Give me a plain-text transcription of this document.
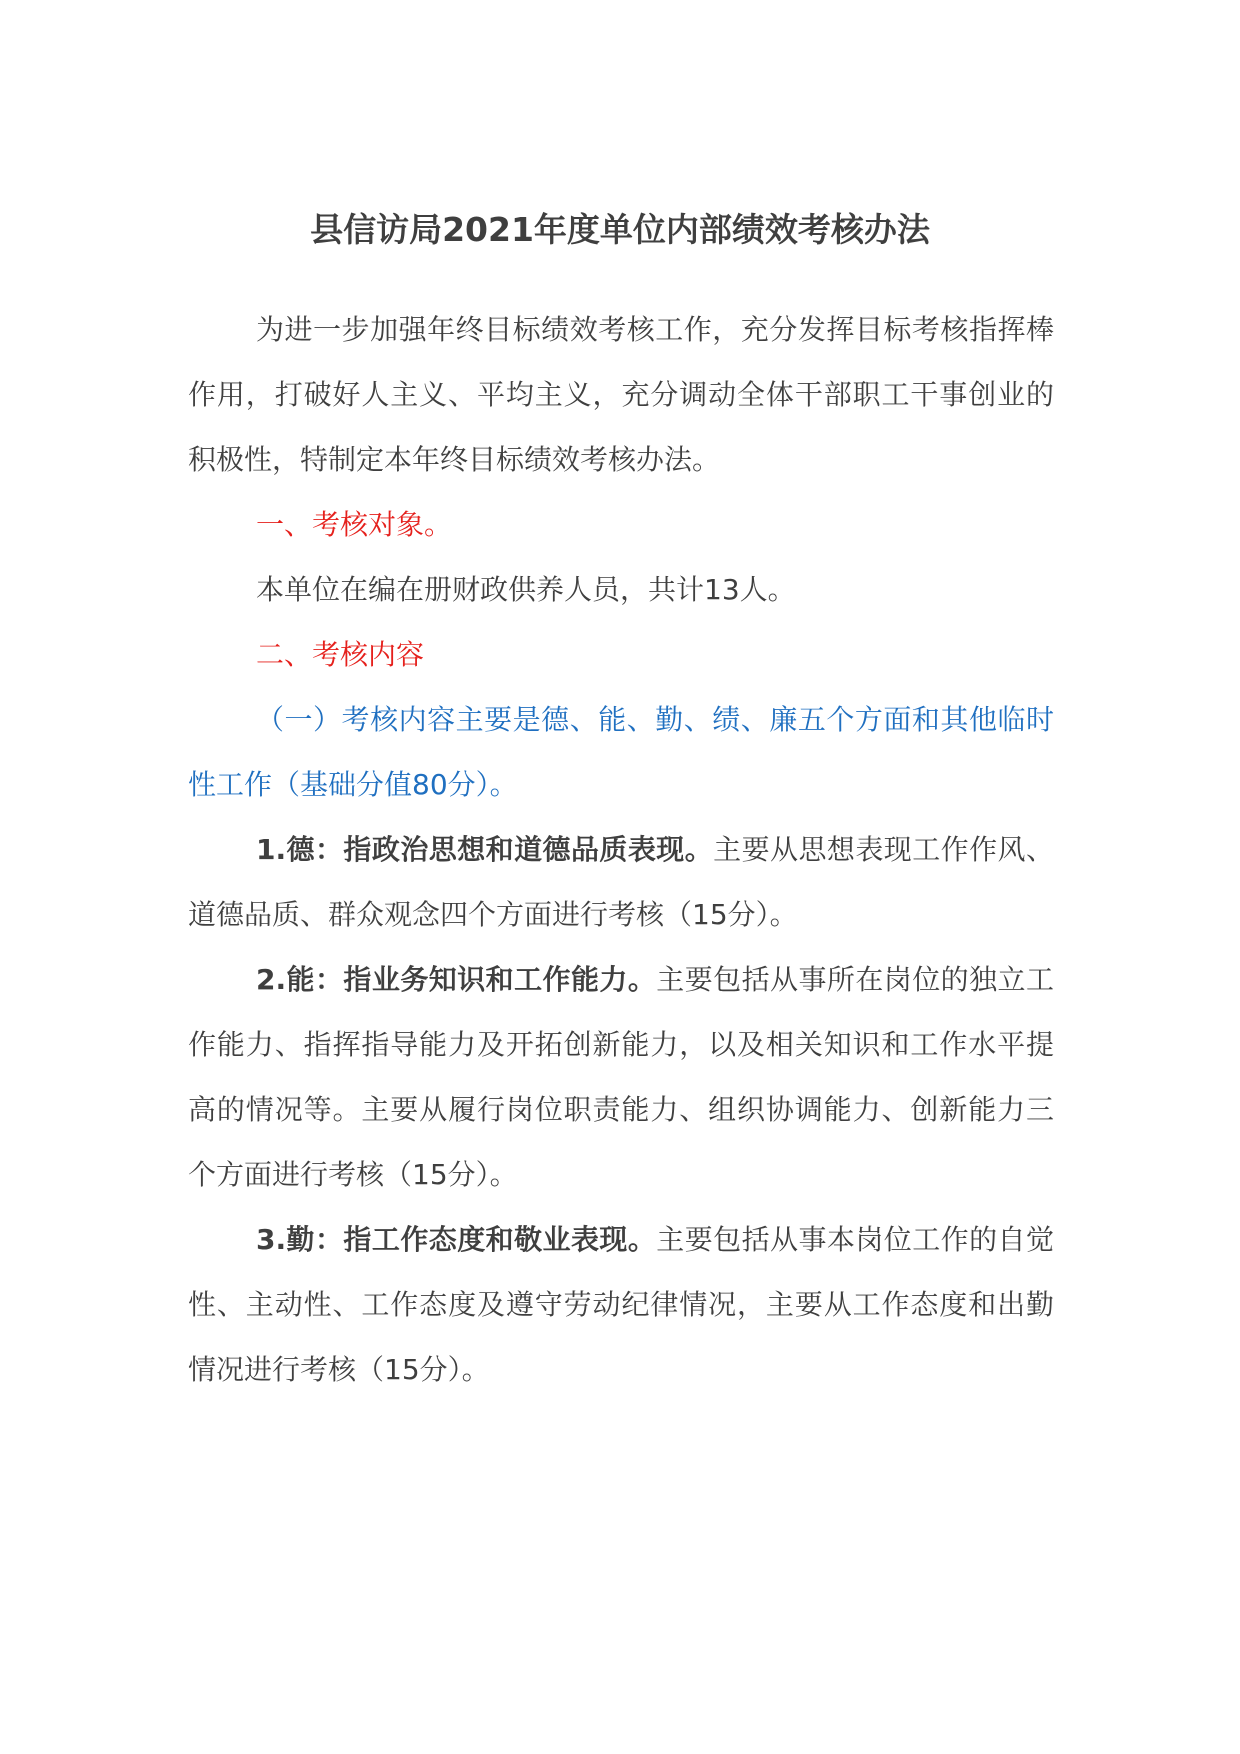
县信访局2021年度单位内部绩效考核办法

为进一步加强年终目标绩效考核工作，充分发挥目标考核指挥棒作用，打破好人主义、平均主义，充分调动全体干部职工干事创业的积极性，特制定本年终目标绩效考核办法。

一、考核对象。

本单位在编在册财政供养人员，共计13人。

二、考核内容

（一）考核内容主要是德、能、勤、绩、廉五个方面和其他临时性工作（基础分值80分）。

1.德：指政治思想和道德品质表现。主要从思想表现工作作风、道德品质、群众观念四个方面进行考核（15分）。

2.能：指业务知识和工作能力。主要包括从事所在岗位的独立工作能力、指挥指导能力及开拓创新能力，以及相关知识和工作水平提高的情况等。主要从履行岗位职责能力、组织协调能力、创新能力三个方面进行考核（15分）。

3.勤：指工作态度和敬业表现。主要包括从事本岗位工作的自觉性、主动性、工作态度及遵守劳动纪律情况，主要从工作态度和出勤情况进行考核（15分）。
